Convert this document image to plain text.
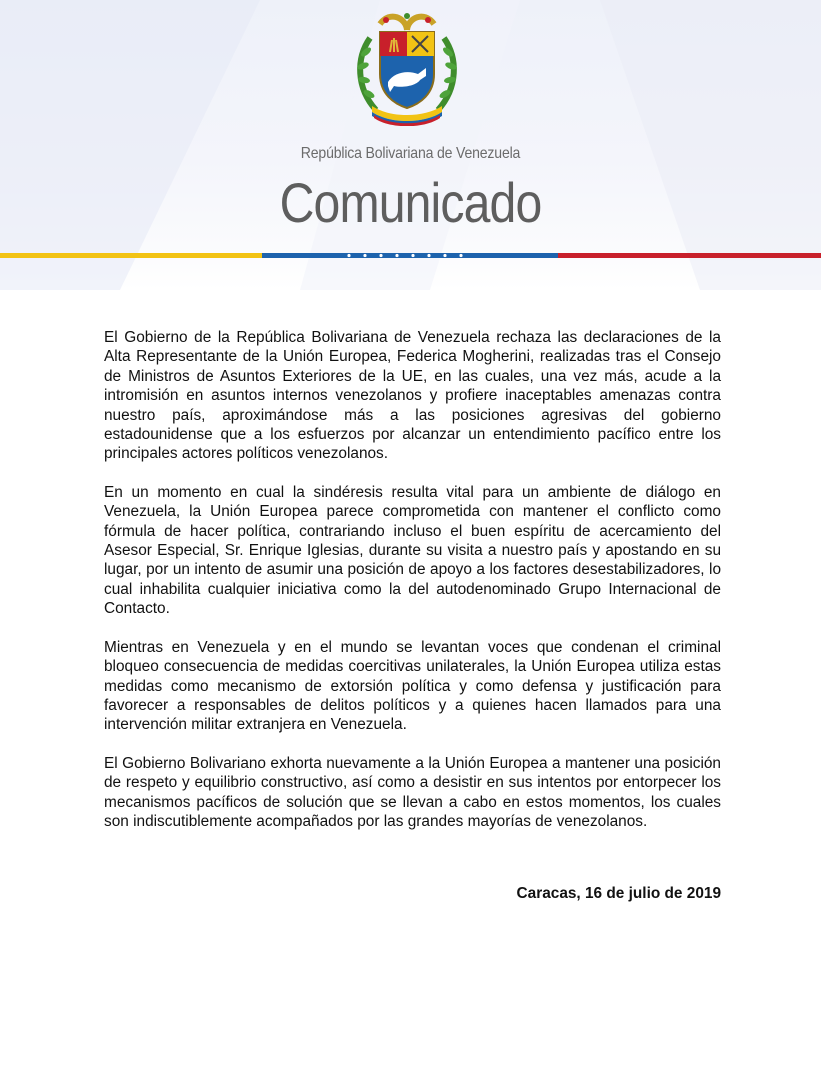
República Bolivariana de Venezuela
Comunicado

El Gobierno de la República Bolivariana de Venezuela rechaza las declaraciones de la Alta Representante de la Unión Europea, Federica Mogherini, realizadas tras el Consejo de Ministros de Asuntos Exteriores de la UE, en las cuales, una vez más, acude a la intromisión en asuntos internos venezolanos y profiere inaceptables amenazas contra nuestro país, aproximándose más a las posiciones agresivas del gobierno estadounidense que a los esfuerzos por alcanzar un entendimiento pacífico entre los principales actores políticos venezolanos.

En un momento en cual la sindéresis resulta vital para un ambiente de diálogo en Venezuela, la Unión Europea parece comprometida con mantener el conflicto como fórmula de hacer política, contrariando incluso el buen espíritu de acercamiento del Asesor Especial, Sr. Enrique Iglesias, durante su visita a nuestro país y apostando en su lugar, por un intento de asumir una posición de apoyo a los factores desestabilizadores, lo cual inhabilita cualquier iniciativa como la del autodenominado Grupo Internacional de Contacto.

Mientras en Venezuela y en el mundo se levantan voces que condenan el criminal bloqueo consecuencia de medidas coercitivas unilaterales, la Unión Europea utiliza estas medidas como mecanismo de extorsión política y como defensa y justificación para favorecer a responsables de delitos políticos y a quienes hacen llamados para una intervención militar extranjera en Venezuela.

El Gobierno Bolivariano exhorta nuevamente a la Unión Europea a mantener una posición de respeto y equilibrio constructivo, así como a desistir en sus intentos por entorpecer los mecanismos pacíficos de solución que se llevan a cabo en estos momentos, los cuales son indiscutiblemente acompañados por las grandes mayorías de venezolanos.

Caracas, 16 de julio de 2019
